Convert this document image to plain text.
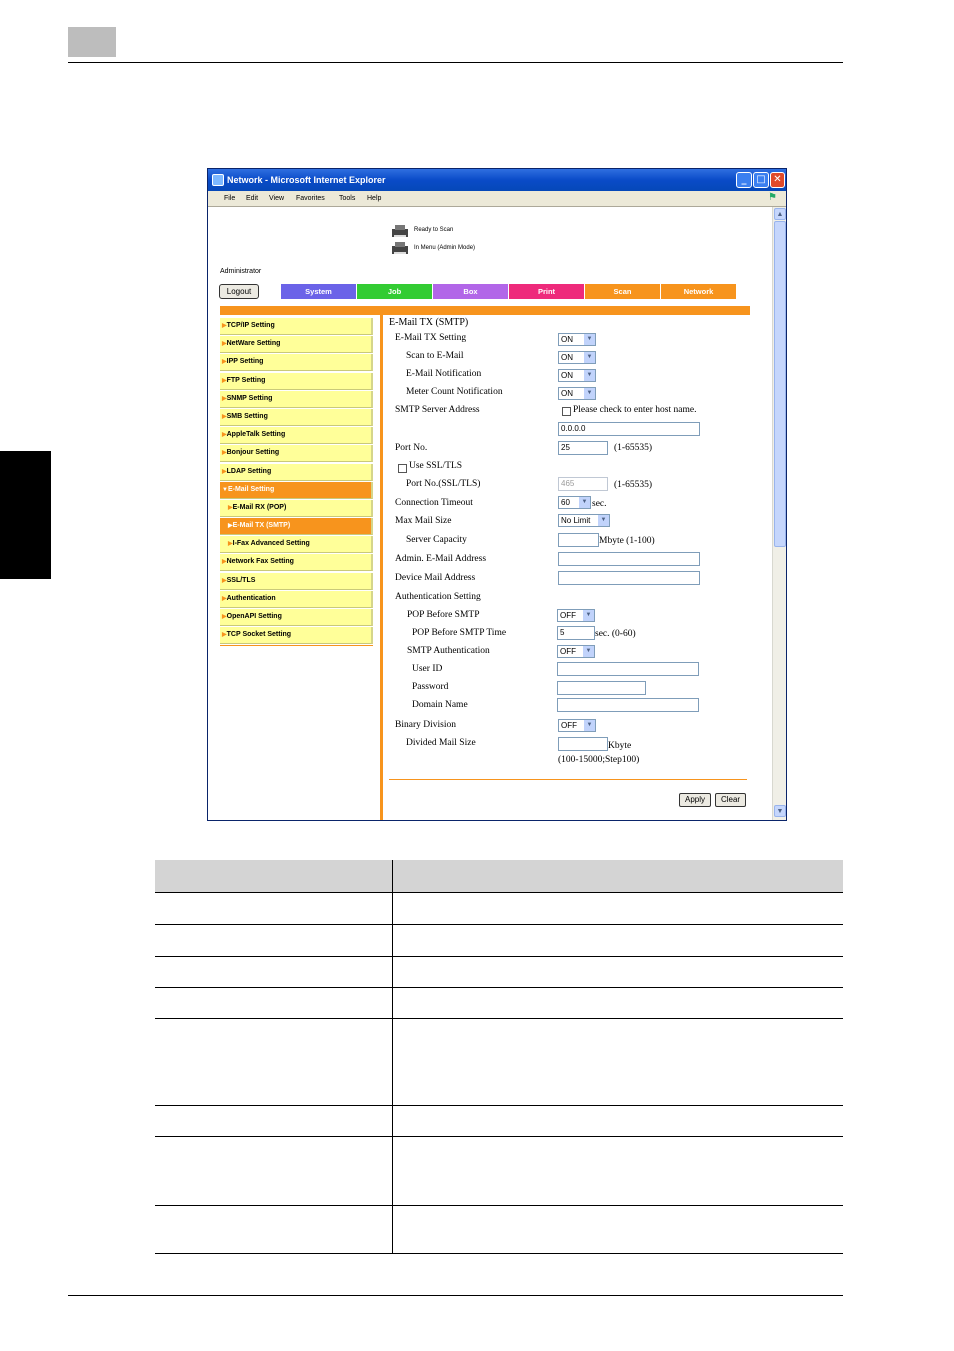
Network - Microsoft Internet Explorer	_ □ ✕
File Edit View Favorites Tools Help	⚑
Ready to Scan
In Menu (Admin Mode)
Administrator
Logout	System	Job	Box	Print	Scan	Network
▶TCP/IP Setting
▶NetWare Setting
▶IPP Setting
▶FTP Setting
▶SNMP Setting
▶SMB Setting
▶AppleTalk Setting
▶Bonjour Setting
▶LDAP Setting
▼E-Mail Setting
▶E-Mail RX (POP)
▶E-Mail TX (SMTP)
▶I-Fax Advanced Setting
▶Network Fax Setting
▶SSL/TLS
▶Authentication
▶OpenAPI Setting
▶TCP Socket Setting
E-Mail TX (SMTP)
E-Mail TX Setting	ON	▼
Scan to E-Mail	ON	▼
E-Mail Notification	ON	▼
Meter Count Notification	ON	▼
SMTP Server Address	Please check to enter host name.
0.0.0.0
Port No.	25	(1-65535)
Use SSL/TLS
Port No.(SSL/TLS)	465	(1-65535)
Connection Timeout	60	▼ sec.
Max Mail Size	No Limit	▼
Server Capacity	Mbyte (1-100)
Admin. E-Mail Address
Device Mail Address
Authentication Setting
POP Before SMTP	OFF	▼
POP Before SMTP Time	5	sec. (0-60)
SMTP Authentication	OFF	▼
User ID
Password
Domain Name
Binary Division	OFF	▼
Divided Mail Size	Kbyte
(100-15000;Step100)
Apply	Clear
▲
▼
